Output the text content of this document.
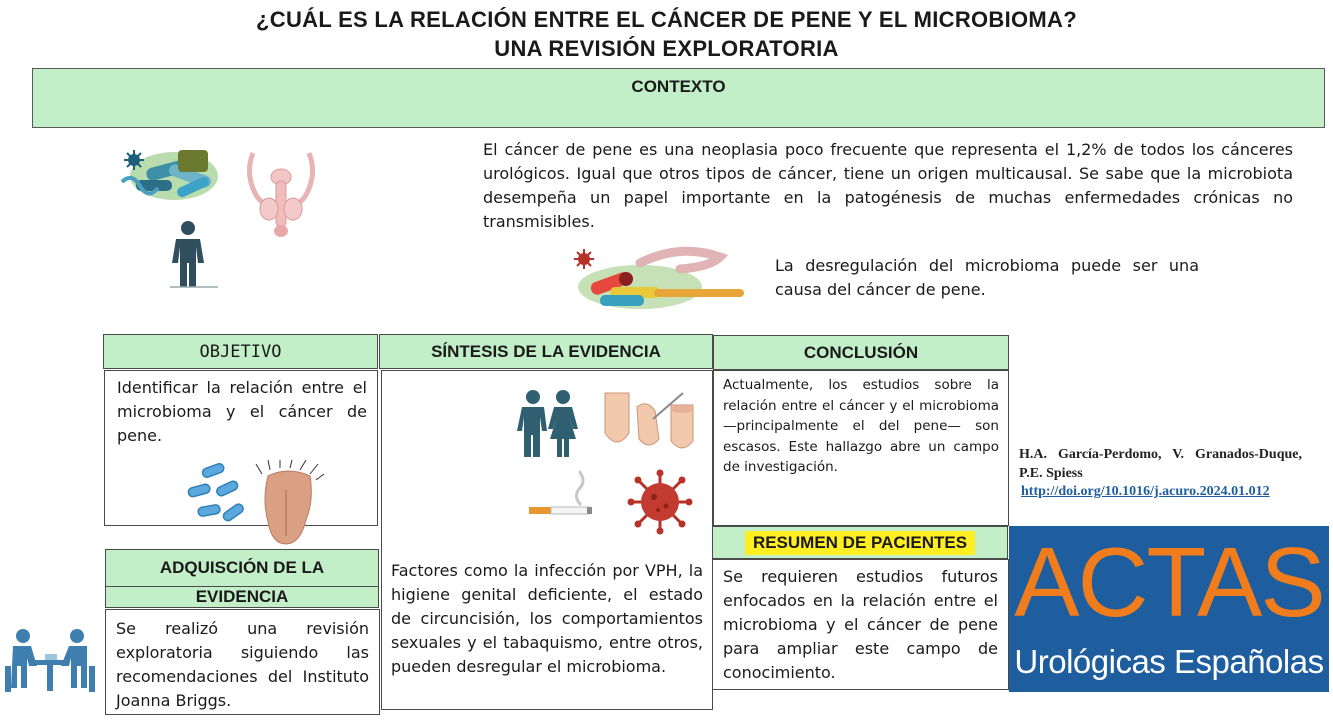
¿CUÁL ES LA RELACIÓN ENTRE EL CÁNCER DE PENE Y EL MICROBIOMA?
UNA REVISIÓN EXPLORATORIA
CONTEXTO
El cáncer de pene es una neoplasia poco frecuente que representa el 1,2% de todos los cánceres urológicos. Igual que otros tipos de cáncer, tiene un origen multicausal. Se sabe que la microbiota desempeña un papel importante en la patogénesis de muchas enfermedades crónicas no transmisibles.
La desregulación del microbioma puede ser una causa del cáncer de pene.
OBJETIVO
Identificar la relación entre el microbioma y el cáncer de pene.
ADQUISCIÓN DE LA
EVIDENCIA
Se realizó una revisión exploratoria siguiendo las recomendaciones del Instituto Joanna Briggs.
SÍNTESIS DE LA EVIDENCIA
Factores como la infección por VPH, la higiene genital deficiente, el estado de circuncisión, los comportamientos sexuales y el tabaquismo, entre otros, pueden desregular el microbioma.
CONCLUSIÓN
Actualmente, los estudios sobre la relación entre el cáncer y el microbioma —principalmente el del pene— son escasos. Este hallazgo abre un campo de investigación.
RESUMEN DE PACIENTES
Se requieren estudios futuros enfocados en la relación entre el microbioma y el cáncer de pene para ampliar este campo de conocimiento.
H.A. García-Perdomo, V. Granados-Duque, P.E. Spiess
http://doi.org/10.1016/j.acuro.2024.01.012
ACTAS
Urológicas Españolas
